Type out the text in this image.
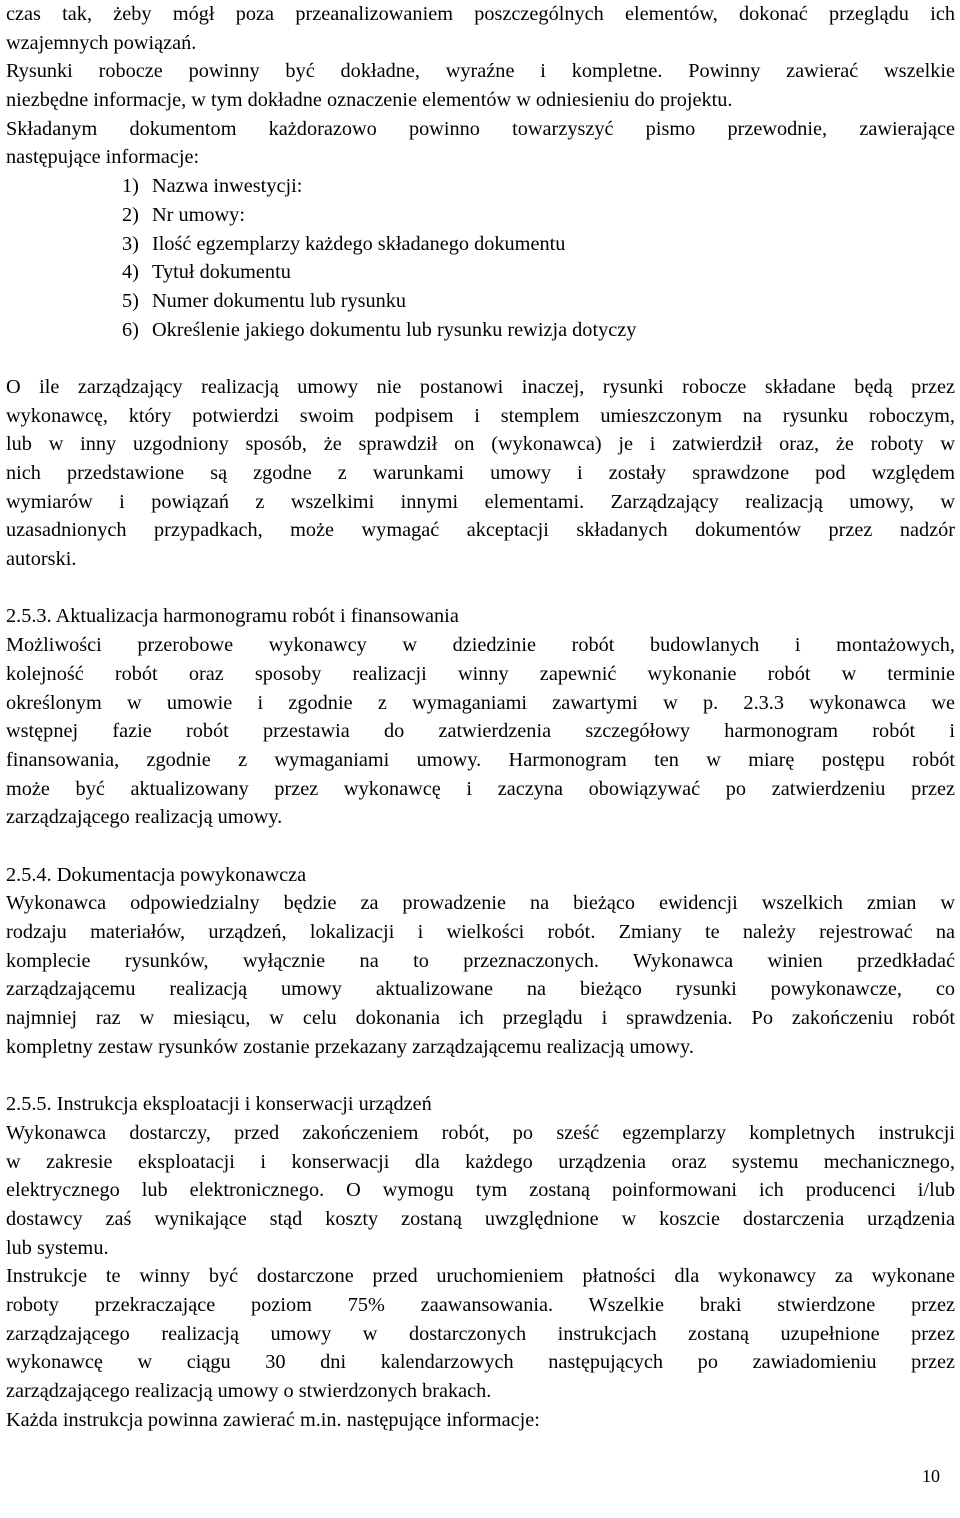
czas tak, żeby mógł poza przeanalizowaniem poszczególnych elementów, dokonać przeglądu ich
wzajemnych powiązań.
Rysunki robocze powinny być dokładne, wyraźne i kompletne. Powinny zawierać wszelkie
niezbędne informacje, w tym dokładne oznaczenie elementów w odniesieniu do projektu.
Składanym dokumentom każdorazowo powinno towarzyszyć pismo przewodnie, zawierające
następujące informacje:
1) Nazwa inwestycji:
2) Nr umowy:
3) Ilość egzemplarzy każdego składanego dokumentu
4) Tytuł dokumentu
5) Numer dokumentu lub rysunku
6) Określenie jakiego dokumentu lub rysunku rewizja dotyczy
O ile zarządzający realizacją umowy nie postanowi inaczej, rysunki robocze składane będą przez
wykonawcę, który potwierdzi swoim podpisem i stemplem umieszczonym na rysunku roboczym,
lub w inny uzgodniony sposób, że sprawdził on (wykonawca) je i zatwierdził oraz, że roboty w
nich przedstawione są zgodne z warunkami umowy i zostały sprawdzone pod względem
wymiarów i powiązań z wszelkimi innymi elementami. Zarządzający realizacją umowy, w
uzasadnionych przypadkach, może wymagać akceptacji składanych dokumentów przez nadzór
autorski.
2.5.3. Aktualizacja harmonogramu robót i finansowania
Możliwości przerobowe wykonawcy w dziedzinie robót budowlanych i montażowych,
kolejność robót oraz sposoby realizacji winny zapewnić wykonanie robót w terminie
określonym w umowie i zgodnie z wymaganiami zawartymi w p. 2.3.3 wykonawca we
wstępnej fazie robót przestawia do zatwierdzenia szczegółowy harmonogram robót i
finansowania, zgodnie z wymaganiami umowy. Harmonogram ten w miarę postępu robót
może być aktualizowany przez wykonawcę i zaczyna obowiązywać po zatwierdzeniu przez
zarządzającego realizacją umowy.
2.5.4. Dokumentacja powykonawcza
Wykonawca odpowiedzialny będzie za prowadzenie na bieżąco ewidencji wszelkich zmian w
rodzaju materiałów, urządzeń, lokalizacji i wielkości robót. Zmiany te należy rejestrować na
komplecie rysunków, wyłącznie na to przeznaczonych. Wykonawca winien przedkładać
zarządzającemu realizacją umowy aktualizowane na bieżąco rysunki powykonawcze, co
najmniej raz w miesiącu, w celu dokonania ich przeglądu i sprawdzenia. Po zakończeniu robót
kompletny zestaw rysunków zostanie przekazany zarządzającemu realizacją umowy.
2.5.5. Instrukcja eksploatacji i konserwacji urządzeń
Wykonawca dostarczy, przed zakończeniem robót, po sześć egzemplarzy kompletnych instrukcji
w zakresie eksploatacji i konserwacji dla każdego urządzenia oraz systemu mechanicznego,
elektrycznego lub elektronicznego. O wymogu tym zostaną poinformowani ich producenci i/lub
dostawcy zaś wynikające stąd koszty zostaną uwzględnione w koszcie dostarczenia urządzenia
lub systemu.
Instrukcje te winny być dostarczone przed uruchomieniem płatności dla wykonawcy za wykonane
roboty przekraczające poziom 75% zaawansowania. Wszelkie braki stwierdzone przez
zarządzającego realizacją umowy w dostarczonych instrukcjach zostaną uzupełnione przez
wykonawcę w ciągu 30 dni kalendarzowych następujących po zawiadomieniu przez
zarządzającego realizacją umowy o stwierdzonych brakach.
Każda instrukcja powinna zawierać m.in. następujące informacje:
10
